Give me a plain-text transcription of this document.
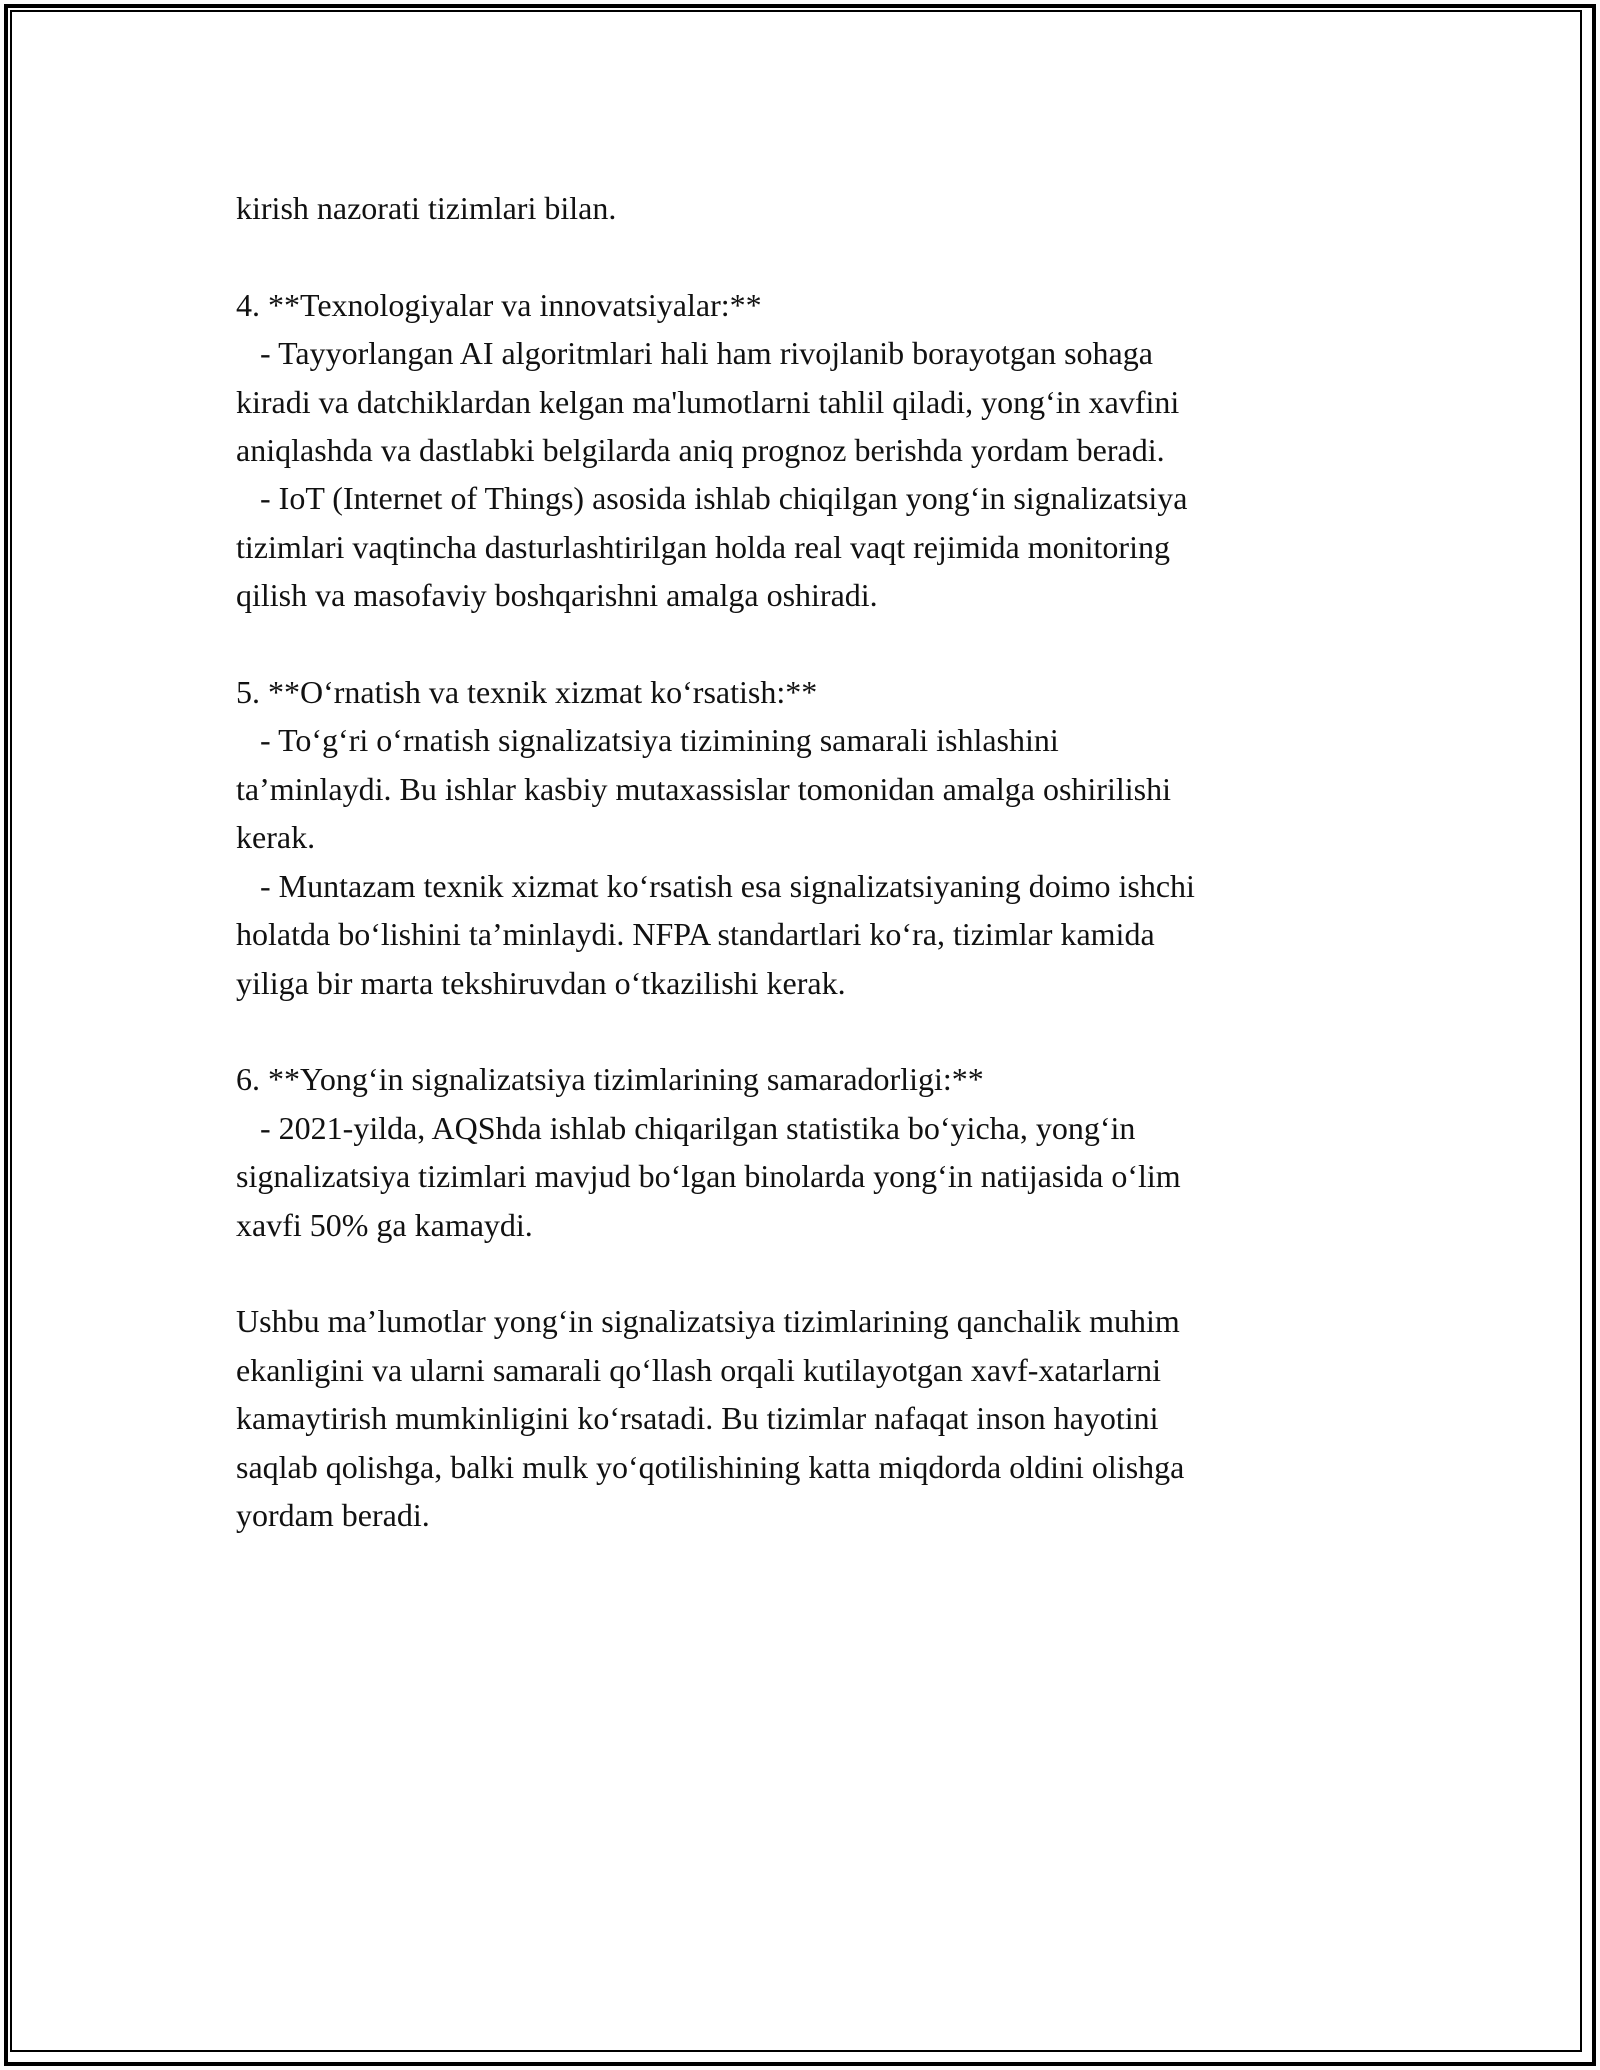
kirish nazorati tizimlari bilan.

4. **Texnologiyalar va innovatsiyalar:**
- Tayyorlangan AI algoritmlari hali ham rivojlanib borayotgan sohaga
kiradi va datchiklardan kelgan ma'lumotlarni tahlil qiladi, yong‘in xavfini
aniqlashda va dastlabki belgilarda aniq prognoz berishda yordam beradi.
- IoT (Internet of Things) asosida ishlab chiqilgan yong‘in signalizatsiya
tizimlari vaqtincha dasturlashtirilgan holda real vaqt rejimida monitoring
qilish va masofaviy boshqarishni amalga oshiradi.

5. **O‘rnatish va texnik xizmat ko‘rsatish:**
- To‘g‘ri o‘rnatish signalizatsiya tizimining samarali ishlashini
ta’minlaydi. Bu ishlar kasbiy mutaxassislar tomonidan amalga oshirilishi
kerak.
- Muntazam texnik xizmat ko‘rsatish esa signalizatsiyaning doimo ishchi
holatda bo‘lishini ta’minlaydi. NFPA standartlari ko‘ra, tizimlar kamida
yiliga bir marta tekshiruvdan o‘tkazilishi kerak.

6. **Yong‘in signalizatsiya tizimlarining samaradorligi:**
- 2021-yilda, AQShda ishlab chiqarilgan statistika bo‘yicha, yong‘in
signalizatsiya tizimlari mavjud bo‘lgan binolarda yong‘in natijasida o‘lim
xavfi 50% ga kamaydi.

Ushbu ma’lumotlar yong‘in signalizatsiya tizimlarining qanchalik muhim
ekanligini va ularni samarali qo‘llash orqali kutilayotgan xavf-xatarlarni
kamaytirish mumkinligini ko‘rsatadi. Bu tizimlar nafaqat inson hayotini
saqlab qolishga, balki mulk yo‘qotilishining katta miqdorda oldini olishga
yordam beradi.
